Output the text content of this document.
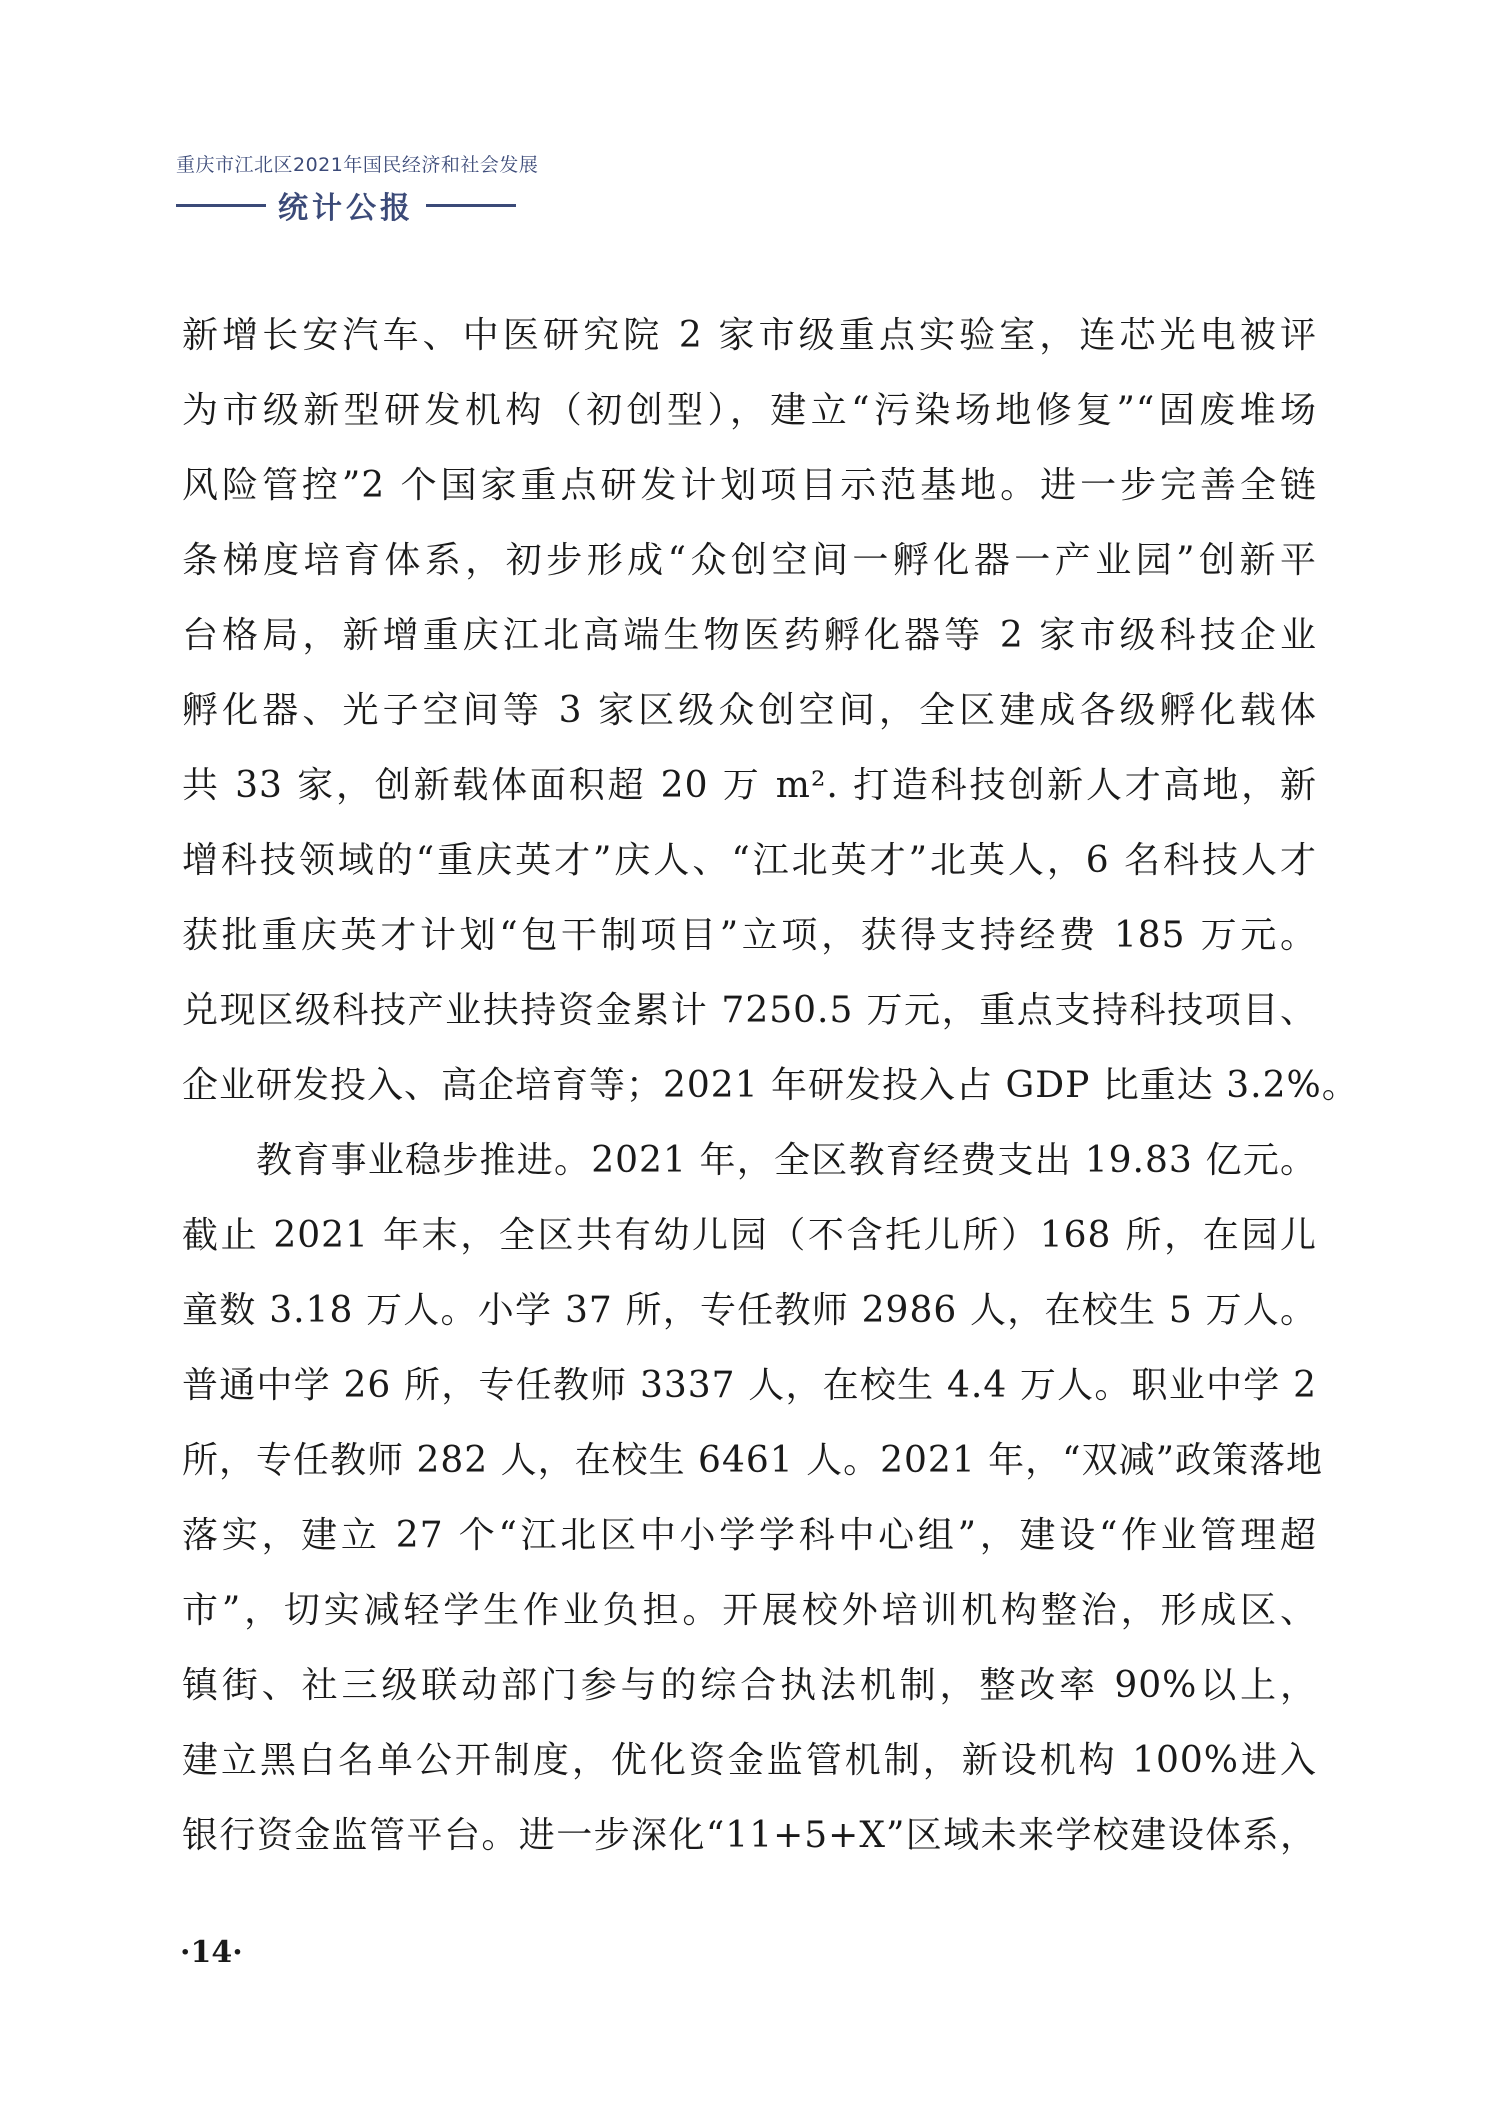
重庆市江北区2021年国民经济和社会发展
统计公报
新增长安汽车、中医研究院 2 家市级重点实验室，连芯光电被评
为市级新型研发机构（初创型），建立“污染场地修复”“固废堆场
风险管控”2 个国家重点研发计划项目示范基地。进一步完善全链
条梯度培育体系，初步形成“众创空间一孵化器一产业园”创新平
台格局，新增重庆江北高端生物医药孵化器等 2 家市级科技企业
孵化器、光子空间等 3 家区级众创空间，全区建成各级孵化载体
共 33 家，创新载体面积超 20 万 m². 打造科技创新人才高地，新
增科技领域的“重庆英才”庆人、“江北英才”北英人，6 名科技人才
获批重庆英才计划“包干制项目”立项，获得支持经费 185 万元。
兑现区级科技产业扶持资金累计 7250.5 万元，重点支持科技项目、
企业研发投入、高企培育等；2021 年研发投入占 GDP 比重达 3.2%。
教育事业稳步推进。2021 年，全区教育经费支出 19.83 亿元。
截止 2021 年末，全区共有幼儿园（不含托儿所）168 所，在园儿
童数 3.18 万人。小学 37 所，专任教师 2986 人，在校生 5 万人。
普通中学 26 所，专任教师 3337 人，在校生 4.4 万人。职业中学 2
所，专任教师 282 人，在校生 6461 人。2021 年，“双减”政策落地
落实，建立 27 个“江北区中小学学科中心组”，建设“作业管理超
市”，切实减轻学生作业负担。开展校外培训机构整治，形成区、
镇街、社三级联动部门参与的综合执法机制，整改率 90%以上，
建立黑白名单公开制度，优化资金监管机制，新设机构 100%进入
银行资金监管平台。进一步深化“11+5+X”区域未来学校建设体系，
·14·
